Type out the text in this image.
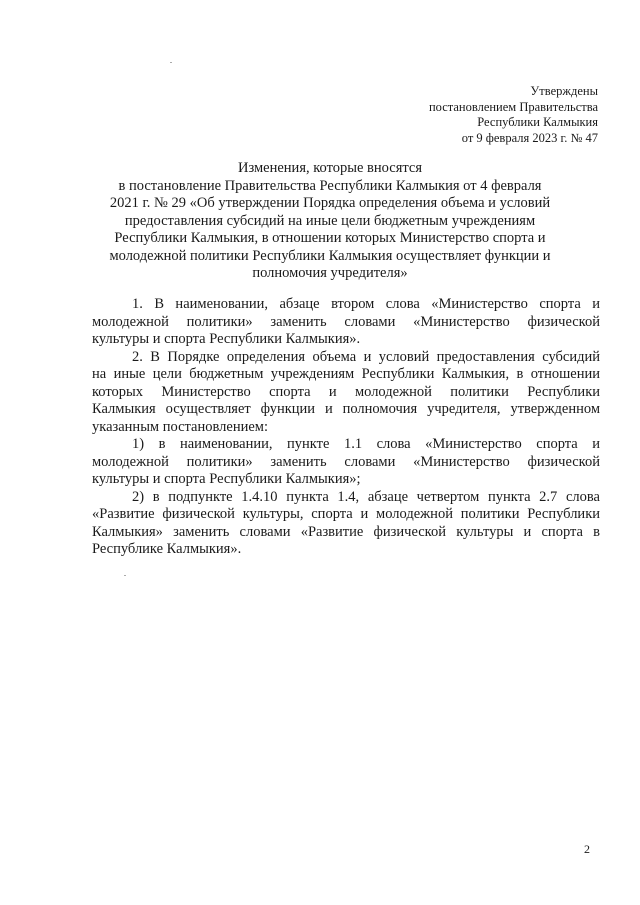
Утверждены
постановлением Правительства
Республики Калмыкия
от 9 февраля 2023 г. № 47
Изменения, которые вносятся
в постановление Правительства Республики Калмыкия от 4 февраля
2021 г. № 29 «Об утверждении Порядка определения объема и условий
предоставления субсидий на иные цели бюджетным учреждениям
Республики Калмыкия, в отношении которых Министерство спорта и
молодежной политики Республики Калмыкия осуществляет функции и
полномочия учредителя»
1. В наименовании, абзаце втором слова «Министерство спорта и
молодежной политики» заменить словами «Министерство физической
культуры и спорта Республики Калмыкия».
2. В Порядке определения объема и условий предоставления субсидий
на иные цели бюджетным учреждениям Республики Калмыкия, в отношении
которых Министерство спорта и молодежной политики Республики
Калмыкия осуществляет функции и полномочия учредителя, утвержденном
указанным постановлением:
1) в наименовании, пункте 1.1 слова «Министерство спорта и
молодежной политики» заменить словами «Министерство физической
культуры и спорта Республики Калмыкия»;
2) в подпункте 1.4.10 пункта 1.4, абзаце четвертом пункта 2.7 слова
«Развитие физической культуры, спорта и молодежной политики Республики
Калмыкия» заменить словами «Развитие физической культуры и спорта в
Республике Калмыкия».
2
